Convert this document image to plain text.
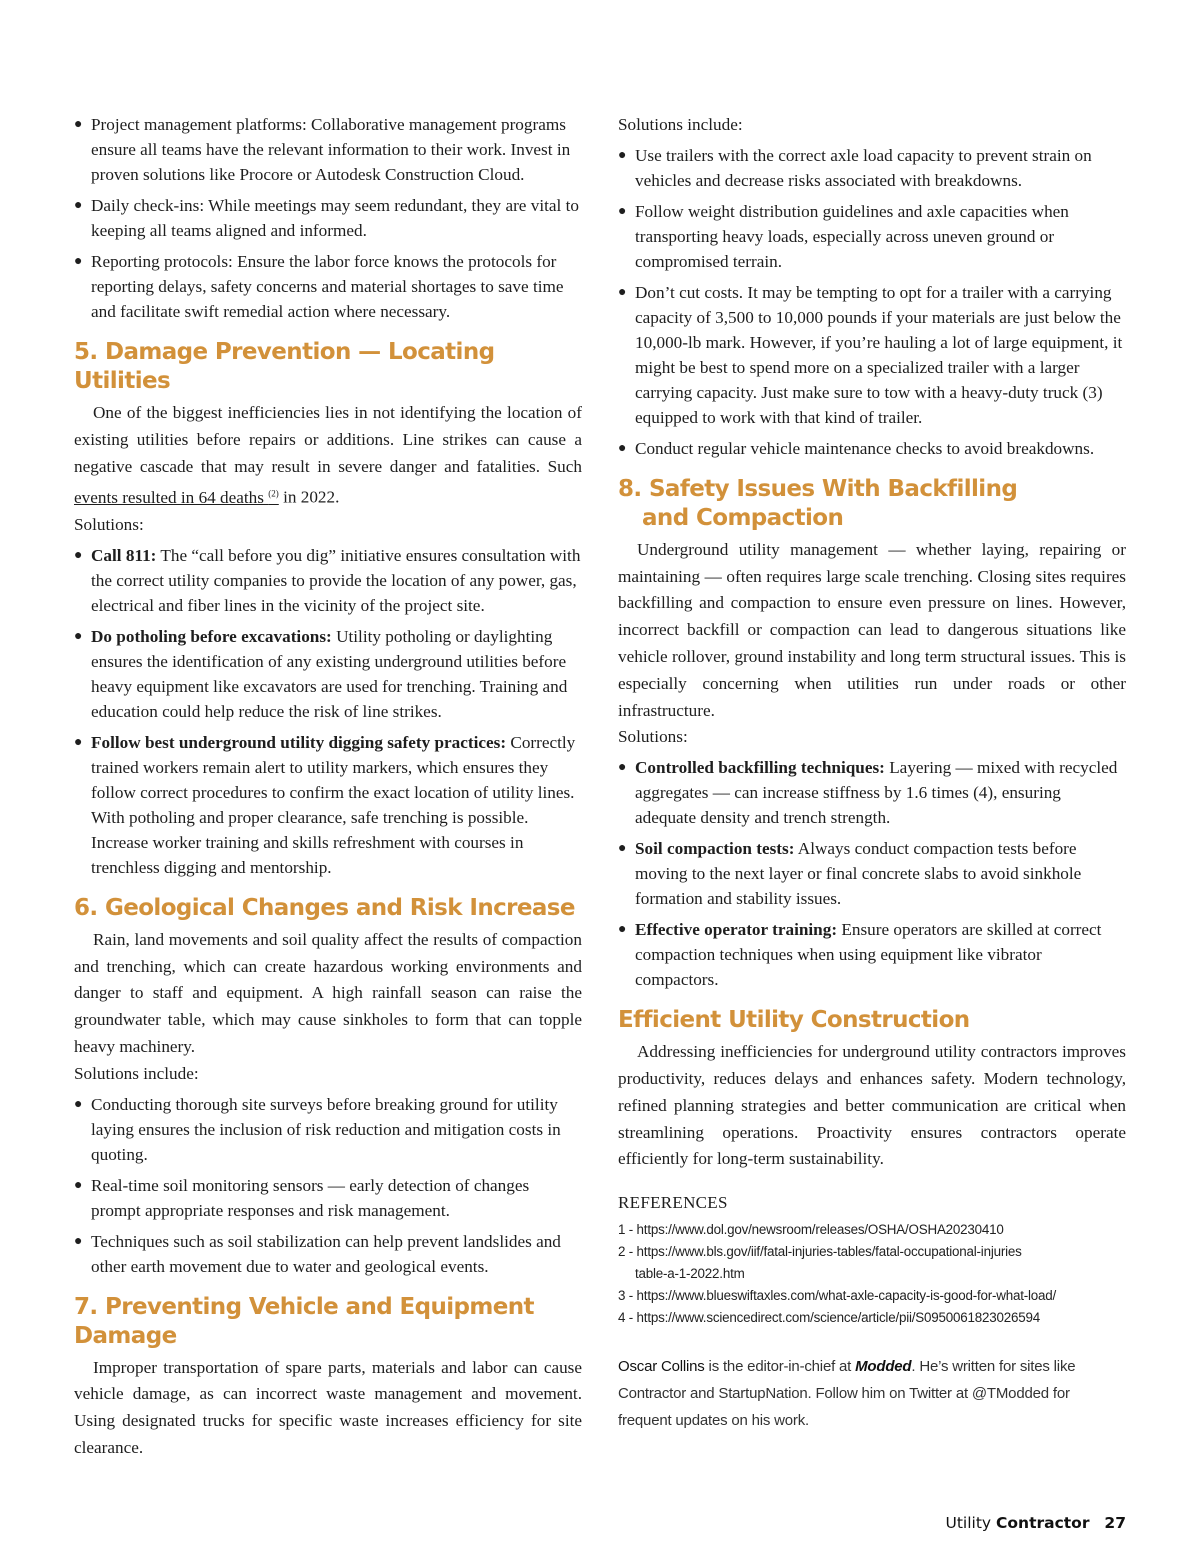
● Project management platforms: Collaborative management programs ensure all teams have the relevant information to their work. Invest in proven solutions like Procore or Autodesk Construction Cloud.

● Daily check-ins: While meetings may seem redundant, they are vital to keeping all teams aligned and informed.

● Reporting protocols: Ensure the labor force knows the protocols for reporting delays, safety concerns and material shortages to save time and facilitate swift remedial action where necessary.

5. Damage Prevention — Locating Utilities

One of the biggest inefficiencies lies in not identifying the location of existing utilities before repairs or additions. Line strikes can cause a negative cascade that may result in severe danger and fatalities. Such events resulted in 64 deaths $^{(2)}$ in 2022.

Solutions:

● Call 811: The “call before you dig” initiative ensures consultation with the correct utility companies to provide the location of any power, gas, electrical and fiber lines in the vicinity of the project site.

● Do potholing before excavations: Utility potholing or daylighting ensures the identification of any existing underground utilities before heavy equipment like excavators are used for trenching. Training and education could help reduce the risk of line strikes.

● Follow best underground utility digging safety practices: Correctly trained workers remain alert to utility markers, which ensures they follow correct procedures to confirm the exact location of utility lines. With potholing and proper clearance, safe trenching is possible. Increase worker training and skills refreshment with courses in trenchless digging and mentorship.

6. Geological Changes and Risk Increase

Rain, land movements and soil quality affect the results of compaction and trenching, which can create hazardous working environments and danger to staff and equipment. A high rainfall season can raise the groundwater table, which may cause sinkholes to form that can topple heavy machinery.

Solutions include:

● Conducting thorough site surveys before breaking ground for utility laying ensures the inclusion of risk reduction and mitigation costs in quoting.

● Real-time soil monitoring sensors — early detection of changes prompt appropriate responses and risk management.

● Techniques such as soil stabilization can help prevent landslides and other earth movement due to water and geological events.

7. Preventing Vehicle and Equipment Damage

Improper transportation of spare parts, materials and labor can cause vehicle damage, as can incorrect waste management and movement. Using designated trucks for specific waste increases efficiency for site clearance.

Solutions include:

● Use trailers with the correct axle load capacity to prevent strain on vehicles and decrease risks associated with breakdowns.

● Follow weight distribution guidelines and axle capacities when transporting heavy loads, especially across uneven ground or compromised terrain.

● Don’t cut costs. It may be tempting to opt for a trailer with a carrying capacity of 3,500 to 10,000 pounds if your materials are just below the 10,000-lb mark. However, if you’re hauling a lot of large equipment, it might be best to spend more on a specialized trailer with a larger carrying capacity. Just make sure to tow with a heavy-duty truck (3) equipped to work with that kind of trailer.

● Conduct regular vehicle maintenance checks to avoid breakdowns.

8. Safety Issues With Backfilling
and Compaction

Underground utility management — whether laying, repairing or maintaining — often requires large scale trenching. Closing sites requires backfilling and compaction to ensure even pressure on lines. However, incorrect backfill or compaction can lead to dangerous situations like vehicle rollover, ground instability and long term structural issues. This is especially concerning when utilities run under roads or other infrastructure.

Solutions:

● Controlled backfilling techniques: Layering — mixed with recycled aggregates — can increase stiffness by 1.6 times (4), ensuring adequate density and trench strength.

● Soil compaction tests: Always conduct compaction tests before moving to the next layer or final concrete slabs to avoid sinkhole formation and stability issues.

● Effective operator training: Ensure operators are skilled at correct compaction techniques when using equipment like vibrator compactors.

Efficient Utility Construction

Addressing inefficiencies for underground utility contractors improves productivity, reduces delays and enhances safety. Modern technology, refined planning strategies and better communication are critical when streamlining operations. Proactivity ensures contractors operate efficiently for long-term sustainability.

REFERENCES

1 - https://www.dol.gov/newsroom/releases/OSHA/OSHA20230410

2 - https://www.bls.gov/iif/fatal-injuries-tables/fatal-occupational-injuries
table-a-1-2022.htm

3 - https://www.blueswiftaxles.com/what-axle-capacity-is-good-for-what-load/

4 - https://www.sciencedirect.com/science/article/pii/S0950061823026594

Oscar Collins is the editor-in-chief at Modded. He’s written for sites like Contractor and StartupNation. Follow him on Twitter at @TModded for frequent updates on his work.

Utility Contractor 27
